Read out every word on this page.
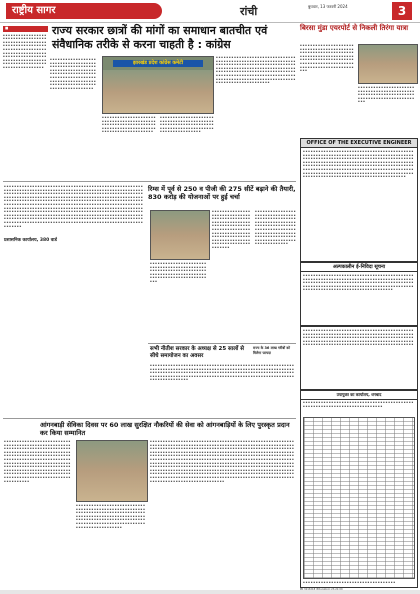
राष्ट्रीय सागर	रांची	बुधवार, 13 फरवरी 2024	3
■
▪ ▪ ▪ ▪ ▪ ▪ ▪ ▪ ▪ ▪ ▪ ▪ ▪ ▪ ▪ ▪ ▪ ▪ ▪ ▪ ▪ ▪ ▪ ▪ ▪ ▪ ▪ ▪ ▪ ▪ ▪ ▪ ▪ ▪ ▪ ▪ ▪ ▪ ▪ ▪ ▪ ▪ ▪ ▪ ▪ ▪ ▪ ▪ ▪ ▪ ▪ ▪ ▪ ▪ ▪ ▪ ▪ ▪ ▪ ▪ ▪ ▪ ▪ ▪ ▪ ▪ ▪ ▪ ▪ ▪ ▪ ▪ ▪ ▪ ▪ ▪ ▪ ▪ ▪ ▪ ▪ ▪ ▪ ▪ ▪ ▪ ▪ ▪ ▪ ▪ ▪ ▪ ▪ ▪ ▪ ▪ ▪ ▪ ▪ ▪ ▪ ▪ ▪ ▪ ▪ ▪ ▪ ▪ ▪ ▪ ▪ ▪ ▪ ▪ ▪ ▪ ▪ ▪ ▪ ▪ ▪ ▪ ▪ ▪ ▪ ▪ ▪ ▪ ▪ ▪ ▪ ▪ ▪ ▪ ▪ ▪ ▪ ▪ ▪ ▪ ▪ ▪ ▪ ▪ ▪ ▪ ▪ ▪ ▪ ▪ ▪ ▪ ▪ ▪ ▪ ▪ ▪ ▪ ▪ ▪ ▪ ▪ ▪ ▪ ▪ ▪ ▪ ▪ ▪
राज्य सरकार छात्रों की मांगों का समाधान बातचीत एवं संवैधानिक तरीके से करना चाहती है : कांग्रेस
झारखंड प्रदेश कांग्रेस कमेटी
▪ ▪ ▪ ▪ ▪ ▪ ▪ ▪ ▪ ▪ ▪ ▪ ▪ ▪ ▪ ▪ ▪ ▪ ▪ ▪ ▪ ▪ ▪ ▪ ▪ ▪ ▪ ▪ ▪ ▪ ▪ ▪ ▪ ▪ ▪ ▪ ▪ ▪ ▪ ▪ ▪ ▪ ▪ ▪ ▪ ▪ ▪ ▪ ▪ ▪ ▪ ▪ ▪ ▪ ▪ ▪ ▪ ▪ ▪ ▪ ▪ ▪ ▪ ▪ ▪ ▪ ▪ ▪ ▪ ▪ ▪ ▪ ▪ ▪ ▪ ▪ ▪ ▪ ▪ ▪ ▪ ▪ ▪ ▪ ▪ ▪ ▪ ▪ ▪ ▪ ▪ ▪ ▪ ▪ ▪ ▪ ▪ ▪ ▪ ▪ ▪ ▪ ▪ ▪ ▪ ▪ ▪ ▪ ▪ ▪ ▪ ▪ ▪ ▪ ▪ ▪ ▪ ▪ ▪ ▪ ▪ ▪ ▪ ▪ ▪ ▪ ▪ ▪ ▪ ▪ ▪ ▪ ▪ ▪ ▪ ▪ ▪ ▪ ▪ ▪ ▪ ▪ ▪ ▪ ▪ ▪ ▪ ▪ ▪ ▪ ▪ ▪ ▪ ▪ ▪ ▪ ▪ ▪ ▪ ▪ ▪
▪ ▪ ▪ ▪ ▪ ▪ ▪ ▪ ▪ ▪ ▪ ▪ ▪ ▪ ▪ ▪ ▪ ▪ ▪ ▪ ▪ ▪ ▪ ▪ ▪ ▪ ▪ ▪ ▪ ▪ ▪ ▪ ▪ ▪ ▪ ▪ ▪ ▪ ▪ ▪ ▪ ▪ ▪ ▪ ▪ ▪ ▪ ▪ ▪ ▪ ▪ ▪ ▪ ▪ ▪ ▪ ▪ ▪ ▪ ▪ ▪ ▪ ▪ ▪ ▪ ▪ ▪ ▪ ▪ ▪ ▪ ▪ ▪ ▪ ▪ ▪ ▪ ▪ ▪ ▪ ▪ ▪ ▪ ▪ ▪ ▪ ▪ ▪ ▪ ▪ ▪ ▪ ▪ ▪ ▪ ▪ ▪ ▪ ▪ ▪ ▪ ▪ ▪ ▪
▪ ▪ ▪ ▪ ▪ ▪ ▪ ▪ ▪ ▪ ▪ ▪ ▪ ▪ ▪ ▪ ▪ ▪ ▪ ▪ ▪ ▪ ▪ ▪ ▪ ▪ ▪ ▪ ▪ ▪ ▪ ▪ ▪ ▪ ▪ ▪ ▪ ▪ ▪ ▪ ▪ ▪ ▪ ▪ ▪ ▪ ▪ ▪ ▪ ▪ ▪ ▪ ▪ ▪ ▪ ▪ ▪ ▪ ▪ ▪ ▪ ▪ ▪ ▪ ▪ ▪ ▪ ▪ ▪ ▪ ▪ ▪ ▪ ▪ ▪ ▪ ▪ ▪ ▪ ▪ ▪ ▪ ▪ ▪ ▪ ▪ ▪ ▪ ▪ ▪ ▪ ▪ ▪ ▪ ▪ ▪ ▪ ▪ ▪ ▪
▪ ▪ ▪ ▪ ▪ ▪ ▪ ▪ ▪ ▪ ▪ ▪ ▪ ▪ ▪ ▪ ▪ ▪ ▪ ▪ ▪ ▪ ▪ ▪ ▪ ▪ ▪ ▪ ▪ ▪ ▪ ▪ ▪ ▪ ▪ ▪ ▪ ▪ ▪ ▪ ▪ ▪ ▪ ▪ ▪ ▪ ▪ ▪ ▪ ▪ ▪ ▪ ▪ ▪ ▪ ▪ ▪ ▪ ▪ ▪ ▪ ▪ ▪ ▪ ▪ ▪ ▪ ▪ ▪ ▪ ▪ ▪ ▪ ▪ ▪ ▪ ▪ ▪ ▪ ▪ ▪ ▪ ▪ ▪ ▪ ▪ ▪ ▪ ▪ ▪ ▪ ▪ ▪ ▪ ▪ ▪ ▪ ▪ ▪ ▪ ▪ ▪ ▪ ▪ ▪ ▪ ▪ ▪ ▪ ▪ ▪ ▪ ▪ ▪ ▪ ▪ ▪ ▪ ▪ ▪ ▪ ▪ ▪ ▪ ▪ ▪ ▪ ▪ ▪ ▪ ▪ ▪ ▪ ▪ ▪ ▪ ▪ ▪ ▪ ▪ ▪ ▪ ▪ ▪ ▪ ▪ ▪ ▪ ▪ ▪ ▪ ▪ ▪ ▪ ▪ ▪ ▪ ▪ ▪ ▪ ▪ ▪ ▪ ▪ ▪ ▪ ▪ ▪ ▪ ▪ ▪ ▪ ▪ ▪ ▪ ▪ ▪ ▪ ▪ ▪ ▪ ▪ ▪ ▪ ▪ ▪ ▪ ▪ ▪ ▪ ▪ ▪ ▪ ▪ ▪ ▪ ▪ ▪ ▪ ▪ ▪ ▪ ▪ ▪ ▪ ▪ ▪ ▪ ▪ ▪ ▪ ▪ ▪ ▪ ▪ ▪ ▪ ▪ ▪ ▪ ▪ ▪ ▪ ▪ ▪ ▪ ▪ ▪ ▪ ▪ ▪ ▪ ▪ ▪ ▪ ▪ ▪ ▪
बिरसा मुंडा एयरपोर्ट से निकली तिरंगा यात्रा
▪ ▪ ▪ ▪ ▪ ▪ ▪ ▪ ▪ ▪ ▪ ▪ ▪ ▪ ▪ ▪ ▪ ▪ ▪ ▪ ▪ ▪ ▪ ▪ ▪ ▪ ▪ ▪ ▪ ▪ ▪ ▪ ▪ ▪ ▪ ▪ ▪ ▪ ▪ ▪ ▪ ▪ ▪ ▪ ▪ ▪ ▪ ▪ ▪ ▪ ▪ ▪ ▪ ▪ ▪ ▪ ▪ ▪ ▪ ▪ ▪ ▪ ▪ ▪ ▪ ▪ ▪ ▪ ▪ ▪ ▪ ▪ ▪ ▪ ▪ ▪ ▪ ▪ ▪ ▪ ▪ ▪ ▪ ▪ ▪ ▪ ▪ ▪ ▪ ▪ ▪ ▪ ▪ ▪ ▪ ▪ ▪ ▪ ▪ ▪ ▪ ▪ ▪ ▪ ▪ ▪ ▪ ▪ ▪ ▪ ▪ ▪ ▪ ▪ ▪ ▪ ▪ ▪ ▪ ▪ ▪ ▪ ▪ ▪ ▪ ▪ ▪ ▪ ▪ ▪ ▪ ▪ ▪ ▪ ▪ ▪ ▪ ▪ ▪ ▪ ▪ ▪ ▪ ▪ ▪ ▪ ▪ ▪ ▪ ▪
▪ ▪ ▪ ▪ ▪ ▪ ▪ ▪ ▪ ▪ ▪ ▪ ▪ ▪ ▪ ▪ ▪ ▪ ▪ ▪ ▪ ▪ ▪ ▪ ▪ ▪ ▪ ▪ ▪ ▪ ▪ ▪ ▪ ▪ ▪ ▪ ▪ ▪ ▪ ▪ ▪ ▪ ▪ ▪ ▪ ▪ ▪ ▪ ▪ ▪ ▪ ▪ ▪ ▪ ▪ ▪ ▪ ▪ ▪ ▪ ▪ ▪ ▪ ▪ ▪ ▪ ▪ ▪ ▪ ▪ ▪ ▪ ▪ ▪ ▪ ▪ ▪ ▪ ▪ ▪ ▪ ▪ ▪ ▪ ▪ ▪ ▪ ▪ ▪ ▪ ▪
OFFICE OF THE EXECUTIVE ENGINEER
▪ ▪ ▪ ▪ ▪ ▪ ▪ ▪ ▪ ▪ ▪ ▪ ▪ ▪ ▪ ▪ ▪ ▪ ▪ ▪ ▪ ▪ ▪ ▪ ▪ ▪ ▪ ▪ ▪ ▪ ▪ ▪ ▪ ▪ ▪ ▪ ▪ ▪ ▪ ▪ ▪ ▪ ▪ ▪ ▪ ▪ ▪ ▪ ▪ ▪ ▪ ▪ ▪ ▪ ▪ ▪ ▪ ▪ ▪ ▪ ▪ ▪ ▪ ▪ ▪ ▪ ▪ ▪ ▪ ▪ ▪ ▪ ▪ ▪ ▪ ▪ ▪ ▪ ▪ ▪ ▪ ▪ ▪ ▪ ▪ ▪ ▪ ▪ ▪ ▪ ▪ ▪ ▪ ▪ ▪ ▪ ▪ ▪ ▪ ▪ ▪ ▪ ▪ ▪ ▪ ▪ ▪ ▪ ▪ ▪ ▪ ▪ ▪ ▪ ▪ ▪ ▪ ▪ ▪ ▪ ▪ ▪ ▪ ▪ ▪ ▪ ▪ ▪ ▪ ▪ ▪ ▪ ▪ ▪ ▪ ▪ ▪ ▪ ▪ ▪ ▪ ▪ ▪ ▪ ▪ ▪ ▪ ▪ ▪ ▪ ▪ ▪ ▪ ▪ ▪ ▪ ▪ ▪ ▪ ▪ ▪ ▪ ▪ ▪ ▪ ▪ ▪ ▪ ▪ ▪ ▪ ▪ ▪ ▪ ▪ ▪ ▪ ▪ ▪ ▪ ▪ ▪ ▪ ▪ ▪ ▪ ▪ ▪ ▪ ▪ ▪ ▪ ▪ ▪ ▪ ▪ ▪ ▪ ▪ ▪ ▪ ▪ ▪ ▪ ▪ ▪ ▪ ▪ ▪ ▪ ▪ ▪ ▪ ▪ ▪ ▪ ▪ ▪ ▪ ▪ ▪ ▪ ▪ ▪ ▪ ▪ ▪ ▪ ▪ ▪ ▪ ▪ ▪ ▪ ▪ ▪ ▪ ▪ ▪ ▪ ▪ ▪ ▪ ▪ ▪ ▪ ▪ ▪ ▪ ▪ ▪ ▪ ▪ ▪ ▪ ▪ ▪ ▪ ▪ ▪ ▪ ▪ ▪ ▪ ▪ ▪ ▪ ▪ ▪ ▪ ▪ ▪ ▪ ▪ ▪ ▪ ▪ ▪ ▪ ▪ ▪ ▪ ▪ ▪ ▪ ▪ ▪ ▪ ▪ ▪ ▪ ▪ ▪ ▪ ▪ ▪ ▪ ▪ ▪ ▪ ▪ ▪ ▪ ▪ ▪ ▪ ▪ ▪ ▪ ▪ ▪ ▪ ▪ ▪ ▪ ▪ ▪ ▪ ▪ ▪ ▪ ▪ ▪ ▪ ▪ ▪ ▪ ▪ ▪ ▪ ▪ ▪ ▪ ▪ ▪ ▪ ▪ ▪ ▪ ▪ ▪
प्रशासनिक कार्यालय, 380 वार्ड
▪ ▪ ▪ ▪ ▪ ▪ ▪ ▪ ▪ ▪ ▪ ▪ ▪ ▪ ▪ ▪ ▪ ▪ ▪ ▪ ▪ ▪ ▪ ▪ ▪ ▪ ▪ ▪ ▪ ▪ ▪ ▪ ▪ ▪ ▪ ▪ ▪ ▪ ▪ ▪ ▪ ▪ ▪ ▪ ▪ ▪ ▪ ▪ ▪ ▪ ▪ ▪ ▪ ▪ ▪ ▪ ▪ ▪ ▪ ▪ ▪ ▪ ▪ ▪ ▪ ▪ ▪ ▪ ▪ ▪ ▪ ▪ ▪ ▪ ▪ ▪ ▪ ▪ ▪ ▪ ▪ ▪ ▪ ▪ ▪ ▪ ▪ ▪ ▪ ▪ ▪ ▪ ▪ ▪ ▪ ▪ ▪ ▪ ▪ ▪ ▪ ▪ ▪ ▪ ▪ ▪ ▪ ▪ ▪ ▪ ▪ ▪ ▪ ▪ ▪ ▪ ▪ ▪ ▪ ▪ ▪ ▪ ▪ ▪ ▪ ▪ ▪ ▪ ▪ ▪ ▪ ▪ ▪ ▪ ▪ ▪ ▪ ▪ ▪ ▪ ▪ ▪ ▪ ▪ ▪ ▪ ▪ ▪ ▪ ▪ ▪ ▪ ▪ ▪ ▪ ▪ ▪ ▪ ▪ ▪ ▪ ▪ ▪ ▪ ▪ ▪ ▪ ▪ ▪ ▪ ▪ ▪ ▪ ▪ ▪ ▪ ▪ ▪ ▪ ▪ ▪ ▪ ▪ ▪ ▪ ▪ ▪ ▪ ▪ ▪ ▪ ▪ ▪ ▪ ▪ ▪ ▪ ▪ ▪ ▪ ▪ ▪ ▪ ▪ ▪ ▪ ▪ ▪ ▪ ▪ ▪ ▪ ▪ ▪ ▪ ▪ ▪ ▪ ▪ ▪ ▪ ▪ ▪ ▪ ▪ ▪ ▪ ▪ ▪ ▪ ▪ ▪ ▪ ▪ ▪ ▪ ▪ ▪ ▪ ▪ ▪ ▪ ▪ ▪ ▪ ▪ ▪ ▪ ▪ ▪ ▪ ▪ ▪ ▪ ▪ ▪ ▪ ▪ ▪ ▪ ▪ ▪ ▪ ▪ ▪ ▪ ▪ ▪ ▪ ▪ ▪ ▪ ▪ ▪ ▪ ▪ ▪ ▪ ▪ ▪ ▪ ▪ ▪ ▪ ▪ ▪ ▪ ▪ ▪ ▪ ▪ ▪ ▪ ▪ ▪ ▪ ▪ ▪ ▪ ▪ ▪ ▪ ▪ ▪ ▪ ▪ ▪ ▪ ▪ ▪ ▪ ▪ ▪ ▪ ▪ ▪ ▪ ▪ ▪ ▪ ▪ ▪ ▪ ▪ ▪ ▪ ▪ ▪ ▪ ▪ ▪ ▪ ▪ ▪ ▪ ▪ ▪ ▪ ▪ ▪ ▪ ▪ ▪ ▪ ▪ ▪ ▪ ▪ ▪ ▪ ▪ ▪ ▪ ▪ ▪ ▪ ▪ ▪ ▪ ▪ ▪ ▪ ▪ ▪ ▪ ▪ ▪ ▪ ▪ ▪ ▪ ▪ ▪ ▪ ▪ ▪ ▪ ▪ ▪ ▪ ▪ ▪ ▪ ▪ ▪ ▪ ▪ ▪ ▪ ▪ ▪ ▪ ▪ ▪ ▪ ▪ ▪ ▪ ▪ ▪ ▪ ▪ ▪ ▪ ▪ ▪ ▪ ▪ ▪ ▪ ▪ ▪ ▪ ▪ ▪ ▪ ▪ ▪ ▪ ▪ ▪ ▪ ▪ ▪ ▪ ▪ ▪ ▪ ▪ ▪ ▪ ▪ ▪ ▪ ▪ ▪ ▪ ▪ ▪ ▪ ▪ ▪ ▪ ▪ ▪ ▪ ▪ ▪ ▪ ▪ ▪ ▪ ▪ ▪ ▪ ▪ ▪ ▪ ▪ ▪ ▪ ▪ ▪ ▪ ▪ ▪ ▪ ▪ ▪ ▪ ▪ ▪ ▪ ▪ ▪ ▪ ▪ ▪ ▪ ▪ ▪ ▪ ▪ ▪ ▪ ▪ ▪ ▪ ▪ ▪ ▪ ▪ ▪ ▪ ▪ ▪ ▪ ▪ ▪ ▪ ▪ ▪ ▪ ▪ ▪ ▪ ▪ ▪ ▪ ▪ ▪ ▪ ▪ ▪ ▪ ▪ ▪ ▪ ▪ ▪ ▪ ▪ ▪ ▪ ▪ ▪ ▪ ▪ ▪ ▪ ▪ ▪ ▪ ▪ ▪ ▪ ▪ ▪ ▪ ▪ ▪ ▪ ▪ ▪ ▪ ▪ ▪ ▪ ▪ ▪ ▪ ▪ ▪ ▪ ▪ ▪ ▪ ▪ ▪ ▪ ▪ ▪ ▪ ▪ ▪ ▪ ▪ ▪ ▪ ▪ ▪ ▪ ▪ ▪ ▪ ▪ ▪ ▪ ▪ ▪ ▪ ▪ ▪ ▪ ▪ ▪ ▪ ▪ ▪ ▪ ▪ ▪ ▪ ▪ ▪ ▪ ▪ ▪ ▪ ▪ ▪
रिम्स में पूर्व से 250 व पीजी की 275 सीटें बढ़ाने की तैयारी, 830 करोड़ की योजनाओं पर हुई चर्चा
▪ ▪ ▪ ▪ ▪ ▪ ▪ ▪ ▪ ▪ ▪ ▪ ▪ ▪ ▪ ▪ ▪ ▪ ▪ ▪ ▪ ▪ ▪ ▪ ▪ ▪ ▪ ▪ ▪ ▪ ▪ ▪ ▪ ▪ ▪ ▪ ▪ ▪ ▪ ▪ ▪ ▪ ▪ ▪ ▪ ▪ ▪ ▪ ▪ ▪ ▪ ▪ ▪ ▪ ▪ ▪ ▪ ▪ ▪ ▪ ▪ ▪ ▪ ▪ ▪ ▪ ▪ ▪ ▪ ▪ ▪ ▪ ▪ ▪ ▪ ▪ ▪ ▪ ▪ ▪ ▪ ▪ ▪ ▪ ▪ ▪ ▪ ▪ ▪ ▪ ▪ ▪ ▪ ▪ ▪ ▪ ▪ ▪ ▪ ▪ ▪ ▪ ▪ ▪ ▪ ▪ ▪ ▪ ▪ ▪ ▪ ▪ ▪ ▪ ▪ ▪ ▪ ▪ ▪ ▪ ▪ ▪ ▪ ▪ ▪ ▪ ▪ ▪ ▪ ▪ ▪ ▪ ▪ ▪ ▪ ▪ ▪ ▪ ▪ ▪ ▪ ▪ ▪ ▪ ▪ ▪ ▪ ▪ ▪ ▪ ▪ ▪ ▪ ▪ ▪ ▪ ▪
▪ ▪ ▪ ▪ ▪ ▪ ▪ ▪ ▪ ▪ ▪ ▪ ▪ ▪ ▪ ▪ ▪ ▪ ▪ ▪ ▪ ▪ ▪ ▪ ▪ ▪ ▪ ▪ ▪ ▪ ▪ ▪ ▪ ▪ ▪ ▪ ▪ ▪ ▪ ▪ ▪ ▪ ▪ ▪ ▪ ▪ ▪ ▪ ▪ ▪ ▪ ▪ ▪ ▪ ▪ ▪ ▪ ▪ ▪ ▪ ▪ ▪ ▪ ▪ ▪ ▪ ▪ ▪ ▪ ▪ ▪ ▪ ▪ ▪ ▪ ▪ ▪ ▪ ▪ ▪ ▪ ▪ ▪ ▪ ▪ ▪ ▪ ▪ ▪ ▪ ▪ ▪ ▪ ▪ ▪ ▪ ▪ ▪ ▪ ▪ ▪ ▪ ▪ ▪ ▪ ▪ ▪ ▪ ▪ ▪ ▪ ▪ ▪ ▪ ▪ ▪ ▪ ▪ ▪ ▪ ▪ ▪ ▪ ▪ ▪ ▪ ▪ ▪ ▪ ▪ ▪ ▪ ▪ ▪ ▪ ▪ ▪ ▪ ▪ ▪ ▪ ▪ ▪ ▪ ▪ ▪ ▪ ▪ ▪ ▪ ▪ ▪ ▪ ▪ ▪ ▪ ▪
▪ ▪ ▪ ▪ ▪ ▪ ▪ ▪ ▪ ▪ ▪ ▪ ▪ ▪ ▪ ▪ ▪ ▪ ▪ ▪ ▪ ▪ ▪ ▪ ▪ ▪ ▪ ▪ ▪ ▪ ▪ ▪ ▪ ▪ ▪ ▪ ▪ ▪ ▪ ▪ ▪ ▪ ▪ ▪ ▪ ▪ ▪ ▪ ▪ ▪ ▪ ▪ ▪ ▪ ▪ ▪ ▪ ▪ ▪ ▪ ▪ ▪ ▪ ▪ ▪ ▪ ▪ ▪ ▪ ▪ ▪ ▪ ▪ ▪ ▪ ▪ ▪ ▪ ▪ ▪ ▪ ▪ ▪ ▪ ▪ ▪ ▪ ▪ ▪ ▪ ▪ ▪ ▪ ▪ ▪ ▪ ▪ ▪ ▪ ▪ ▪ ▪ ▪ ▪ ▪ ▪ ▪ ▪ ▪ ▪ ▪ ▪ ▪
सभी नीतीश सरकार के अध्यक्ष से 25 सालों से सीधे समायोजन का अवसर
राज्य के 36 लाख गरीबों को मिलेगा फायदा
▪ ▪ ▪ ▪ ▪ ▪ ▪ ▪ ▪ ▪ ▪ ▪ ▪ ▪ ▪ ▪ ▪ ▪ ▪ ▪ ▪ ▪ ▪ ▪ ▪ ▪ ▪ ▪ ▪ ▪ ▪ ▪ ▪ ▪ ▪ ▪ ▪ ▪ ▪ ▪ ▪ ▪ ▪ ▪ ▪ ▪ ▪ ▪ ▪ ▪ ▪ ▪ ▪ ▪ ▪ ▪ ▪ ▪ ▪ ▪ ▪ ▪ ▪ ▪ ▪ ▪ ▪ ▪ ▪ ▪ ▪ ▪ ▪ ▪ ▪ ▪ ▪ ▪ ▪ ▪ ▪ ▪ ▪ ▪ ▪ ▪ ▪ ▪ ▪ ▪ ▪ ▪ ▪ ▪ ▪ ▪ ▪ ▪ ▪ ▪ ▪ ▪ ▪ ▪ ▪ ▪ ▪ ▪ ▪ ▪ ▪ ▪ ▪ ▪ ▪ ▪ ▪ ▪ ▪ ▪ ▪ ▪ ▪ ▪ ▪ ▪ ▪ ▪ ▪ ▪ ▪ ▪ ▪ ▪ ▪ ▪ ▪ ▪ ▪ ▪ ▪ ▪ ▪ ▪ ▪ ▪ ▪ ▪ ▪ ▪ ▪ ▪ ▪ ▪ ▪ ▪ ▪ ▪ ▪ ▪ ▪ ▪ ▪ ▪ ▪ ▪ ▪ ▪ ▪ ▪ ▪ ▪ ▪ ▪ ▪ ▪ ▪ ▪ ▪ ▪ ▪ ▪ ▪ ▪ ▪ ▪ ▪ ▪ ▪ ▪ ▪ ▪ ▪ ▪ ▪ ▪ ▪ ▪ ▪ ▪ ▪ ▪ ▪ ▪ ▪ ▪ ▪ ▪ ▪ ▪ ▪ ▪ ▪ ▪ ▪ ▪ ▪ ▪ ▪ ▪ ▪ ▪ ▪ ▪ ▪ ▪ ▪ ▪ ▪ ▪ ▪ ▪ ▪ ▪ ▪ ▪ ▪ ▪ ▪
अल्पकालीन ई-निविदा सूचना
▪ ▪ ▪ ▪ ▪ ▪ ▪ ▪ ▪ ▪ ▪ ▪ ▪ ▪ ▪ ▪ ▪ ▪ ▪ ▪ ▪ ▪ ▪ ▪ ▪ ▪ ▪ ▪ ▪ ▪ ▪ ▪ ▪ ▪ ▪ ▪ ▪ ▪ ▪ ▪ ▪ ▪ ▪ ▪ ▪ ▪ ▪ ▪ ▪ ▪ ▪ ▪ ▪ ▪ ▪ ▪ ▪ ▪ ▪ ▪ ▪ ▪ ▪ ▪ ▪ ▪ ▪ ▪ ▪ ▪ ▪ ▪ ▪ ▪ ▪ ▪ ▪ ▪ ▪ ▪ ▪ ▪ ▪ ▪ ▪ ▪ ▪ ▪ ▪ ▪ ▪ ▪ ▪ ▪ ▪ ▪ ▪ ▪ ▪ ▪ ▪ ▪ ▪ ▪ ▪ ▪ ▪ ▪ ▪ ▪ ▪ ▪ ▪ ▪ ▪ ▪ ▪ ▪ ▪ ▪ ▪ ▪ ▪ ▪ ▪ ▪ ▪ ▪ ▪ ▪ ▪ ▪ ▪ ▪ ▪ ▪ ▪ ▪ ▪ ▪ ▪ ▪ ▪ ▪ ▪ ▪ ▪ ▪ ▪ ▪ ▪ ▪ ▪ ▪ ▪ ▪ ▪ ▪ ▪ ▪ ▪ ▪ ▪ ▪ ▪ ▪ ▪ ▪ ▪ ▪ ▪ ▪ ▪ ▪ ▪ ▪ ▪ ▪ ▪ ▪ ▪ ▪ ▪ ▪ ▪ ▪ ▪ ▪ ▪ ▪ ▪ ▪ ▪ ▪ ▪ ▪ ▪ ▪ ▪ ▪ ▪ ▪ ▪ ▪ ▪ ▪ ▪
▪ ▪ ▪ ▪ ▪ ▪ ▪ ▪ ▪ ▪ ▪ ▪ ▪ ▪ ▪ ▪ ▪ ▪ ▪ ▪ ▪ ▪ ▪ ▪ ▪ ▪ ▪ ▪ ▪ ▪ ▪ ▪ ▪ ▪ ▪ ▪ ▪ ▪ ▪ ▪ ▪ ▪ ▪ ▪ ▪ ▪ ▪ ▪ ▪ ▪ ▪ ▪ ▪ ▪ ▪ ▪ ▪ ▪ ▪ ▪ ▪ ▪ ▪ ▪ ▪ ▪ ▪ ▪ ▪ ▪ ▪ ▪ ▪ ▪ ▪ ▪ ▪ ▪ ▪ ▪ ▪ ▪ ▪ ▪ ▪ ▪ ▪ ▪ ▪ ▪ ▪ ▪ ▪ ▪ ▪ ▪ ▪ ▪ ▪ ▪ ▪ ▪ ▪ ▪ ▪ ▪ ▪ ▪ ▪ ▪ ▪ ▪ ▪ ▪ ▪ ▪ ▪ ▪ ▪ ▪ ▪ ▪ ▪ ▪ ▪ ▪ ▪ ▪ ▪ ▪ ▪ ▪ ▪ ▪ ▪ ▪ ▪ ▪ ▪ ▪ ▪ ▪ ▪ ▪ ▪ ▪ ▪ ▪ ▪ ▪ ▪ ▪ ▪ ▪ ▪ ▪ ▪ ▪ ▪ ▪ ▪ ▪ ▪ ▪ ▪ ▪ ▪ ▪ ▪ ▪ ▪ ▪ ▪ ▪ ▪ ▪ ▪ ▪ ▪ ▪ ▪ ▪ ▪ ▪ ▪ ▪ ▪ ▪ ▪ ▪ ▪ ▪ ▪ ▪ ▪ ▪ ▪ ▪ ▪ ▪ ▪ ▪ ▪ ▪ ▪ ▪ ▪ ▪ ▪ ▪ ▪ ▪ ▪ ▪ ▪
आंगनबाड़ी सेविका दिवस पर 60 लाख सुरक्षित नौकरियों की सेवा को आंगनबाड़ियों के लिए पुरस्कृत प्रदान कर किया सम्मानित
▪ ▪ ▪ ▪ ▪ ▪ ▪ ▪ ▪ ▪ ▪ ▪ ▪ ▪ ▪ ▪ ▪ ▪ ▪ ▪ ▪ ▪ ▪ ▪ ▪ ▪ ▪ ▪ ▪ ▪ ▪ ▪ ▪ ▪ ▪ ▪ ▪ ▪ ▪ ▪ ▪ ▪ ▪ ▪ ▪ ▪ ▪ ▪ ▪ ▪ ▪ ▪ ▪ ▪ ▪ ▪ ▪ ▪ ▪ ▪ ▪ ▪ ▪ ▪ ▪ ▪ ▪ ▪ ▪ ▪ ▪ ▪ ▪ ▪ ▪ ▪ ▪ ▪ ▪ ▪ ▪ ▪ ▪ ▪ ▪ ▪ ▪ ▪ ▪ ▪ ▪ ▪ ▪ ▪ ▪ ▪ ▪ ▪ ▪ ▪ ▪ ▪ ▪ ▪ ▪ ▪ ▪ ▪ ▪ ▪ ▪ ▪ ▪ ▪ ▪ ▪ ▪ ▪ ▪ ▪ ▪ ▪ ▪ ▪ ▪ ▪ ▪ ▪ ▪ ▪ ▪ ▪ ▪ ▪ ▪ ▪ ▪ ▪ ▪ ▪ ▪ ▪ ▪ ▪ ▪ ▪ ▪ ▪ ▪ ▪ ▪ ▪ ▪ ▪ ▪ ▪ ▪ ▪ ▪ ▪ ▪ ▪ ▪ ▪ ▪ ▪ ▪ ▪ ▪ ▪ ▪ ▪ ▪ ▪ ▪ ▪ ▪ ▪ ▪ ▪ ▪ ▪ ▪ ▪ ▪ ▪ ▪ ▪ ▪ ▪ ▪ ▪ ▪ ▪ ▪ ▪ ▪ ▪ ▪ ▪ ▪ ▪ ▪ ▪ ▪ ▪ ▪ ▪ ▪ ▪ ▪ ▪ ▪ ▪ ▪ ▪ ▪ ▪ ▪ ▪ ▪ ▪ ▪ ▪ ▪ ▪ ▪ ▪ ▪ ▪ ▪ ▪ ▪ ▪ ▪ ▪ ▪ ▪ ▪ ▪ ▪ ▪ ▪ ▪ ▪ ▪ ▪ ▪ ▪ ▪ ▪ ▪ ▪ ▪ ▪ ▪ ▪ ▪ ▪ ▪ ▪ ▪ ▪ ▪ ▪ ▪ ▪ ▪ ▪ ▪ ▪ ▪ ▪ ▪ ▪ ▪ ▪ ▪ ▪ ▪ ▪ ▪ ▪ ▪ ▪ ▪ ▪ ▪ ▪ ▪ ▪ ▪ ▪ ▪ ▪ ▪
▪ ▪ ▪ ▪ ▪ ▪ ▪ ▪ ▪ ▪ ▪ ▪ ▪ ▪ ▪ ▪ ▪ ▪ ▪ ▪ ▪ ▪ ▪ ▪ ▪ ▪ ▪ ▪ ▪ ▪ ▪ ▪ ▪ ▪ ▪ ▪ ▪ ▪ ▪ ▪ ▪ ▪ ▪ ▪ ▪ ▪ ▪ ▪ ▪ ▪ ▪ ▪ ▪ ▪ ▪ ▪ ▪ ▪ ▪ ▪ ▪ ▪ ▪ ▪ ▪ ▪ ▪ ▪ ▪ ▪ ▪ ▪ ▪ ▪ ▪ ▪ ▪ ▪ ▪ ▪ ▪ ▪ ▪ ▪ ▪ ▪ ▪ ▪ ▪ ▪ ▪ ▪ ▪ ▪ ▪ ▪ ▪ ▪ ▪ ▪ ▪ ▪ ▪ ▪ ▪ ▪ ▪ ▪ ▪ ▪ ▪ ▪ ▪ ▪ ▪ ▪ ▪ ▪ ▪ ▪ ▪ ▪ ▪ ▪ ▪ ▪ ▪ ▪ ▪ ▪ ▪ ▪ ▪ ▪ ▪ ▪ ▪ ▪ ▪ ▪ ▪ ▪ ▪ ▪ ▪ ▪ ▪ ▪ ▪ ▪ ▪ ▪ ▪ ▪ ▪ ▪ ▪ ▪ ▪ ▪ ▪ ▪ ▪ ▪ ▪ ▪ ▪ ▪ ▪ ▪ ▪ ▪ ▪ ▪ ▪ ▪ ▪ ▪ ▪ ▪
▪ ▪ ▪ ▪ ▪ ▪ ▪ ▪ ▪ ▪ ▪ ▪ ▪ ▪ ▪ ▪ ▪ ▪ ▪ ▪ ▪ ▪ ▪ ▪ ▪ ▪ ▪ ▪ ▪ ▪ ▪ ▪ ▪ ▪ ▪ ▪ ▪ ▪ ▪ ▪ ▪ ▪ ▪ ▪ ▪ ▪ ▪ ▪ ▪ ▪ ▪ ▪ ▪ ▪ ▪ ▪ ▪ ▪ ▪ ▪ ▪ ▪ ▪ ▪ ▪ ▪ ▪ ▪ ▪ ▪ ▪ ▪ ▪ ▪ ▪ ▪ ▪ ▪ ▪ ▪ ▪ ▪ ▪ ▪ ▪ ▪ ▪ ▪ ▪ ▪ ▪ ▪ ▪ ▪ ▪ ▪ ▪ ▪ ▪ ▪ ▪ ▪ ▪ ▪ ▪ ▪ ▪ ▪ ▪ ▪ ▪ ▪ ▪ ▪ ▪ ▪ ▪ ▪ ▪ ▪ ▪ ▪ ▪ ▪ ▪ ▪ ▪ ▪ ▪ ▪ ▪ ▪ ▪ ▪ ▪ ▪ ▪ ▪ ▪ ▪ ▪ ▪ ▪ ▪ ▪ ▪ ▪ ▪ ▪ ▪ ▪ ▪ ▪ ▪ ▪ ▪ ▪ ▪ ▪ ▪ ▪ ▪ ▪ ▪ ▪ ▪ ▪ ▪ ▪ ▪ ▪ ▪ ▪ ▪ ▪ ▪ ▪ ▪ ▪ ▪ ▪ ▪ ▪ ▪ ▪ ▪ ▪ ▪ ▪ ▪ ▪ ▪ ▪ ▪ ▪ ▪ ▪ ▪ ▪ ▪ ▪ ▪ ▪ ▪ ▪ ▪ ▪ ▪ ▪ ▪ ▪ ▪ ▪ ▪ ▪ ▪ ▪ ▪ ▪ ▪ ▪ ▪ ▪ ▪ ▪ ▪ ▪ ▪ ▪ ▪ ▪ ▪ ▪ ▪ ▪ ▪ ▪ ▪ ▪ ▪ ▪ ▪ ▪ ▪ ▪ ▪ ▪ ▪ ▪ ▪ ▪ ▪ ▪ ▪ ▪ ▪ ▪ ▪ ▪ ▪ ▪ ▪ ▪ ▪ ▪ ▪ ▪ ▪ ▪ ▪ ▪ ▪ ▪ ▪ ▪ ▪ ▪ ▪ ▪ ▪ ▪ ▪ ▪ ▪ ▪ ▪ ▪ ▪ ▪ ▪ ▪ ▪ ▪ ▪ ▪ ▪ ▪ ▪ ▪ ▪ ▪ ▪ ▪ ▪ ▪ ▪ ▪ ▪ ▪ ▪ ▪ ▪ ▪ ▪ ▪ ▪ ▪ ▪ ▪ ▪ ▪ ▪ ▪ ▪ ▪ ▪ ▪ ▪ ▪ ▪ ▪ ▪ ▪ ▪ ▪ ▪ ▪ ▪ ▪ ▪ ▪ ▪ ▪ ▪ ▪ ▪ ▪ ▪ ▪ ▪ ▪ ▪ ▪ ▪ ▪ ▪ ▪ ▪ ▪ ▪ ▪ ▪ ▪ ▪ ▪ ▪ ▪ ▪ ▪ ▪ ▪ ▪ ▪ ▪ ▪ ▪ ▪ ▪ ▪ ▪ ▪ ▪ ▪ ▪ ▪ ▪ ▪ ▪ ▪ ▪ ▪ ▪ ▪ ▪ ▪ ▪ ▪ ▪ ▪ ▪ ▪ ▪ ▪ ▪ ▪ ▪ ▪ ▪ ▪ ▪ ▪ ▪ ▪ ▪ ▪ ▪ ▪ ▪ ▪ ▪ ▪ ▪ ▪ ▪ ▪ ▪ ▪ ▪ ▪ ▪ ▪ ▪ ▪ ▪ ▪ ▪ ▪ ▪ ▪ ▪ ▪ ▪ ▪ ▪ ▪ ▪ ▪ ▪ ▪ ▪ ▪ ▪ ▪ ▪ ▪ ▪ ▪ ▪ ▪ ▪ ▪ ▪ ▪ ▪ ▪ ▪ ▪ ▪ ▪ ▪ ▪ ▪ ▪ ▪ ▪ ▪ ▪ ▪ ▪ ▪ ▪ ▪ ▪ ▪ ▪ ▪ ▪ ▪ ▪ ▪ ▪ ▪ ▪ ▪ ▪ ▪ ▪ ▪ ▪ ▪ ▪ ▪ ▪ ▪ ▪ ▪ ▪ ▪ ▪ ▪ ▪ ▪ ▪ ▪ ▪ ▪ ▪ ▪ ▪ ▪ ▪ ▪ ▪ ▪ ▪ ▪ ▪ ▪ ▪ ▪ ▪ ▪ ▪ ▪ ▪ ▪ ▪ ▪ ▪ ▪ ▪ ▪ ▪ ▪ ▪ ▪ ▪ ▪ ▪ ▪ ▪ ▪ ▪ ▪ ▪ ▪ ▪ ▪ ▪ ▪ ▪ ▪ ▪ ▪ ▪ ▪ ▪ ▪ ▪ ▪ ▪ ▪ ▪ ▪ ▪ ▪ ▪ ▪ ▪ ▪ ▪ ▪ ▪ ▪ ▪ ▪ ▪ ▪ ▪ ▪ ▪ ▪ ▪ ▪ ▪ ▪ ▪ ▪ ▪ ▪ ▪ ▪ ▪ ▪ ▪ ▪ ▪ ▪ ▪ ▪ ▪ ▪ ▪ ▪ ▪ ▪ ▪ ▪ ▪ ▪ ▪ ▪ ▪ ▪ ▪ ▪ ▪ ▪ ▪ ▪ ▪ ▪ ▪ ▪ ▪ ▪ ▪ ▪ ▪ ▪ ▪ ▪ ▪ ▪ ▪
उपायुक्त का कार्यालय, धनबाद
▪ ▪ ▪ ▪ ▪ ▪ ▪ ▪ ▪ ▪ ▪ ▪ ▪ ▪ ▪ ▪ ▪ ▪ ▪ ▪ ▪ ▪ ▪ ▪ ▪ ▪ ▪ ▪ ▪ ▪ ▪ ▪ ▪ ▪ ▪ ▪ ▪ ▪ ▪ ▪ ▪ ▪ ▪ ▪ ▪ ▪ ▪ ▪ ▪ ▪ ▪ ▪ ▪ ▪ ▪ ▪ ▪ ▪ ▪ ▪ ▪ ▪ ▪ ▪ ▪ ▪ ▪ ▪ ▪ ▪ ▪ ▪ ▪ ▪
▪ ▪ ▪ ▪ ▪ ▪ ▪ ▪ ▪ ▪ ▪ ▪ ▪ ▪ ▪ ▪ ▪ ▪ ▪ ▪ ▪ ▪ ▪ ▪ ▪ ▪ ▪ ▪ ▪ ▪ ▪ ▪ ▪ ▪ ▪ ▪
